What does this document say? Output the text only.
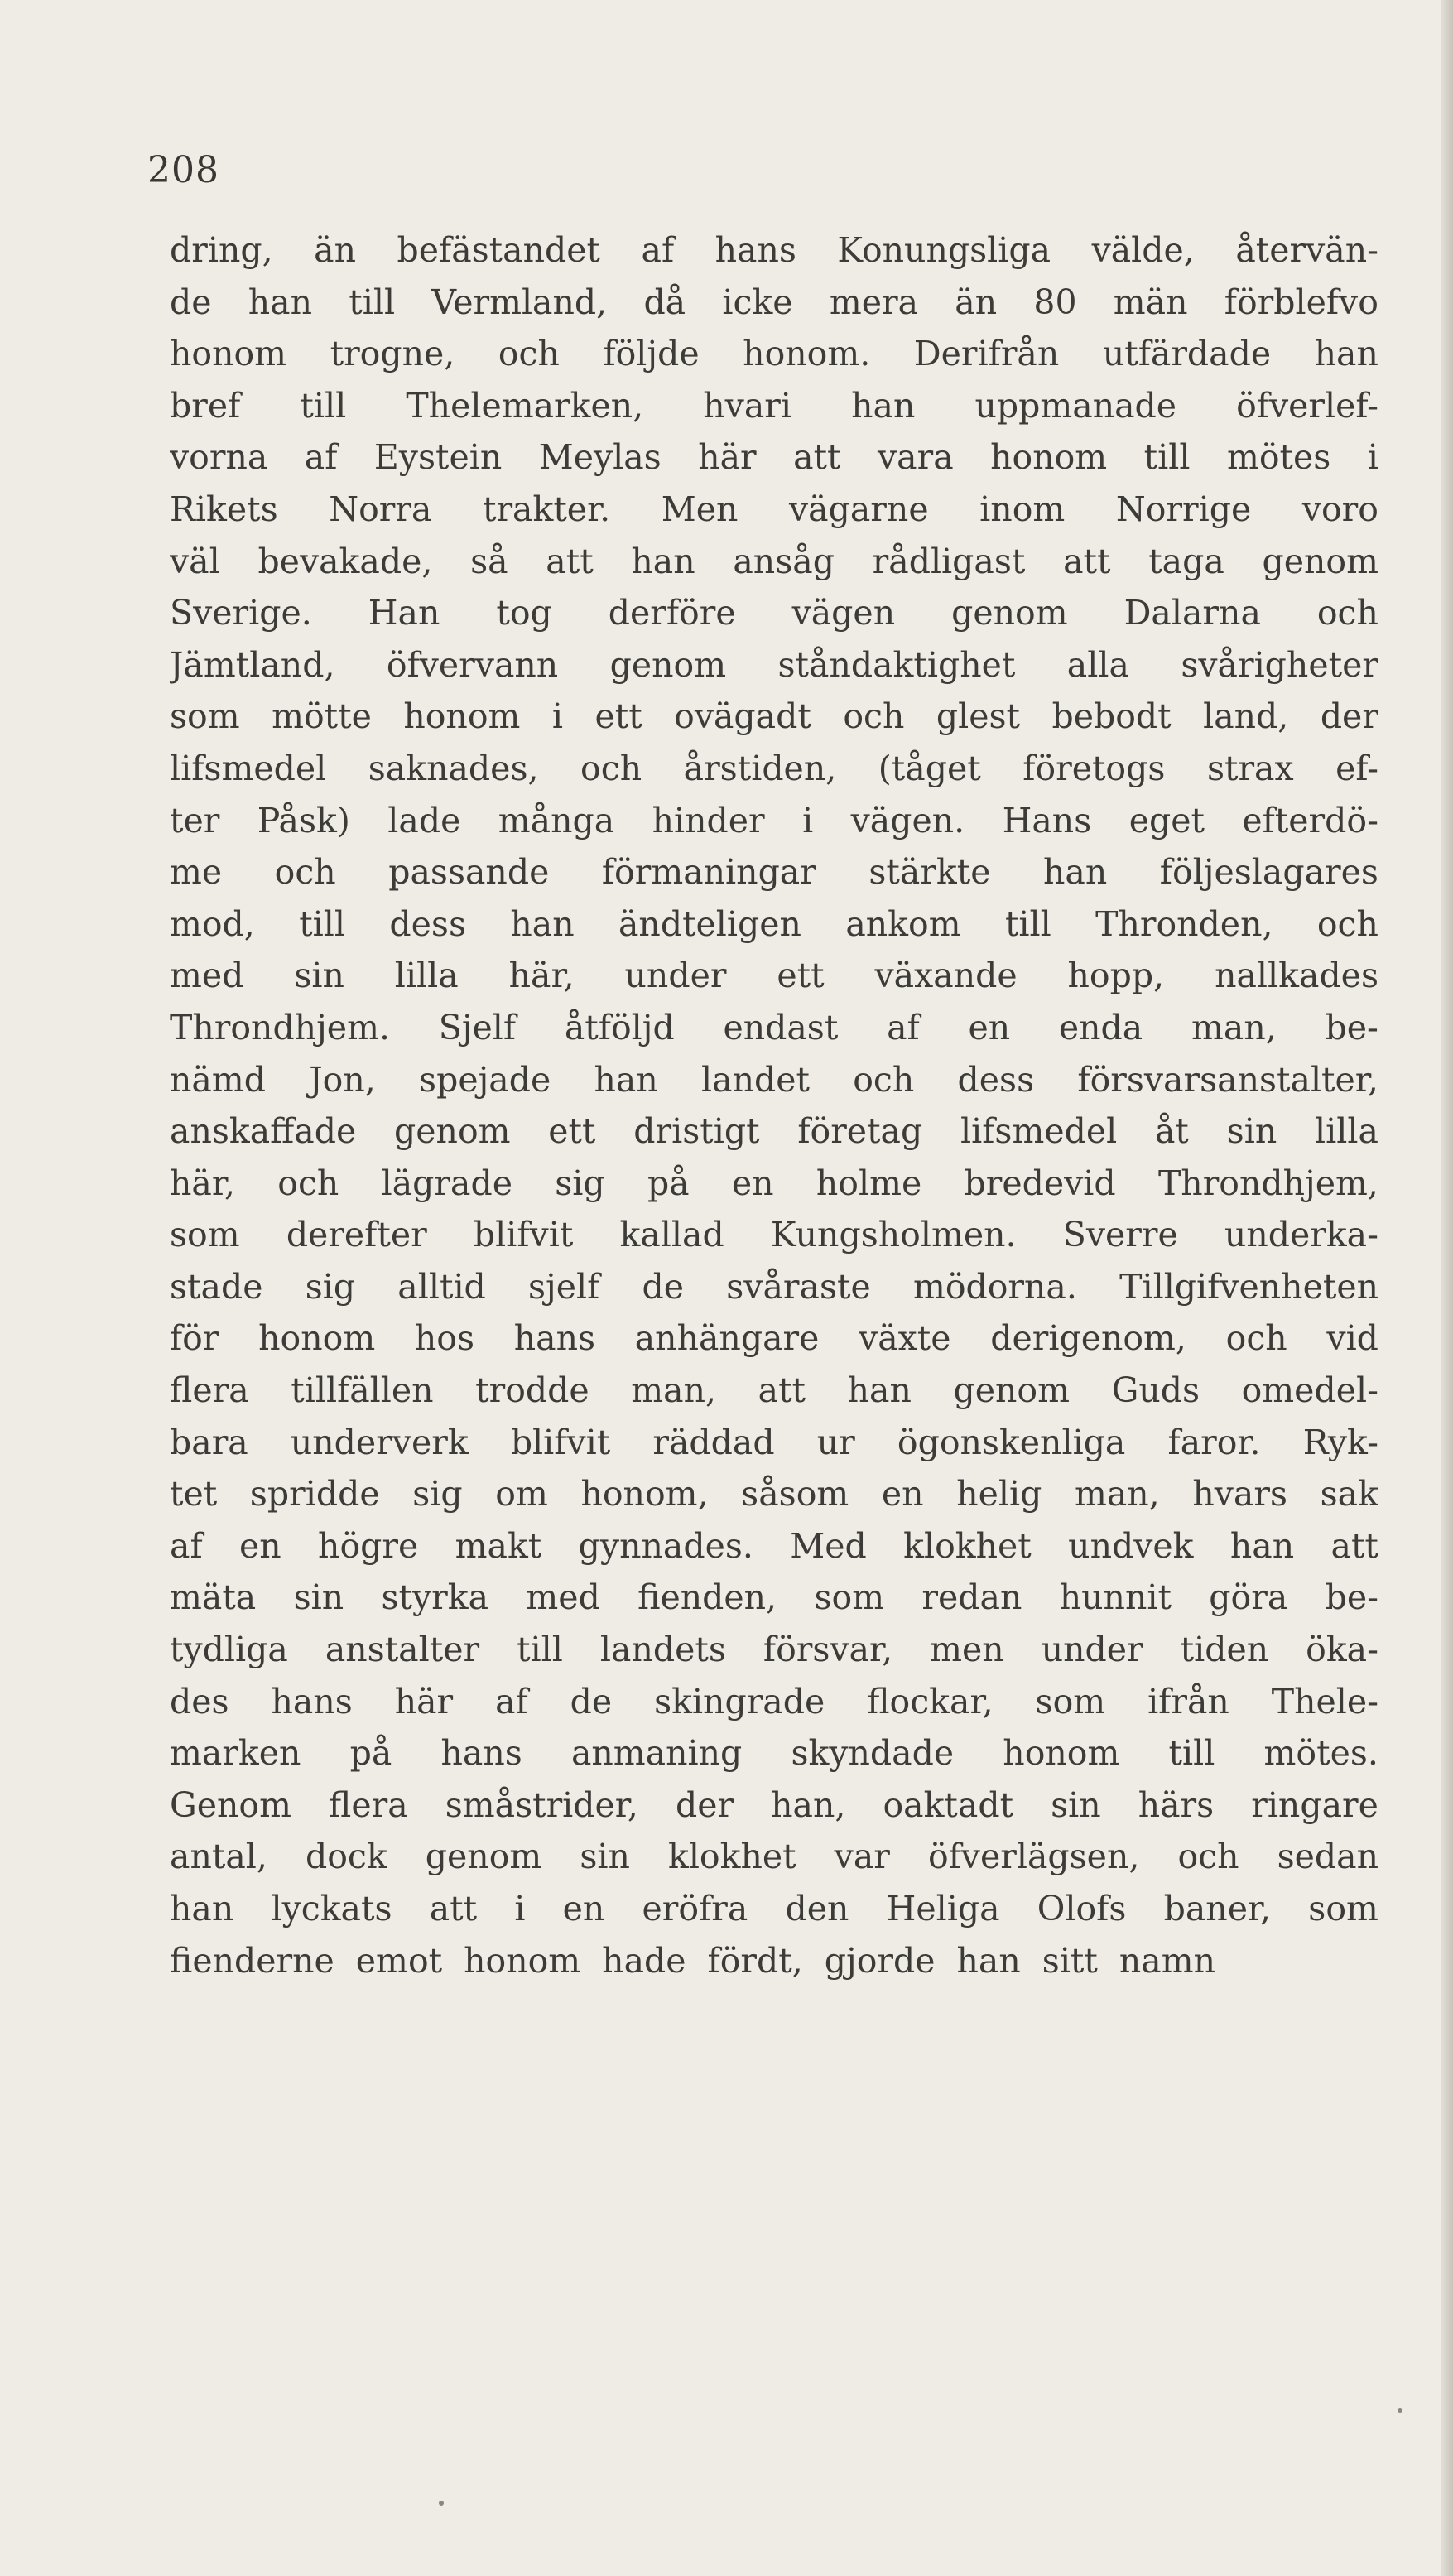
208
dring, än befästandet af hans Konungsliga välde, återvän-
de han till Vermland, då icke mera än 80 män förblefvo
honom trogne, och följde honom. Derifrån utfärdade han
bref till Thelemarken, hvari han uppmanade öfverlef-
vorna af Eystein Meylas här att vara honom till mötes i
Rikets Norra trakter. Men vägarne inom Norrige voro
väl bevakade, så att han ansåg rådligast att taga genom
Sverige. Han tog derföre vägen genom Dalarna och
Jämtland, öfvervann genom ståndaktighet alla svårigheter
som mötte honom i ett ovägadt och glest bebodt land, der
lifsmedel saknades, och årstiden, (tåget företogs strax ef-
ter Påsk) lade många hinder i vägen. Hans eget efterdö-
me och passande förmaningar stärkte han följeslagares
mod, till dess han ändteligen ankom till Thronden, och
med sin lilla här, under ett växande hopp, nallkades
Throndhjem. Sjelf åtföljd endast af en enda man, be-
nämd Jon, spejade han landet och dess försvarsanstalter,
anskaffade genom ett dristigt företag lifsmedel åt sin lilla
här, och lägrade sig på en holme bredevid Throndhjem,
som derefter blifvit kallad Kungsholmen. Sverre underka-
stade sig alltid sjelf de svåraste mödorna. Tillgifvenheten
för honom hos hans anhängare växte derigenom, och vid
flera tillfällen trodde man, att han genom Guds omedel-
bara underverk blifvit räddad ur ögonskenliga faror. Ryk-
tet spridde sig om honom, såsom en helig man, hvars sak
af en högre makt gynnades. Med klokhet undvek han att
mäta sin styrka med fienden, som redan hunnit göra be-
tydliga anstalter till landets försvar, men under tiden öka-
des hans här af de skingrade flockar, som ifrån Thele-
marken på hans anmaning skyndade honom till mötes.
Genom flera småstrider, der han, oaktadt sin härs ringare
antal, dock genom sin klokhet var öfverlägsen, och sedan
han lyckats att i en eröfra den Heliga Olofs baner, som
fienderne emot honom hade fördt, gjorde han sitt namn
